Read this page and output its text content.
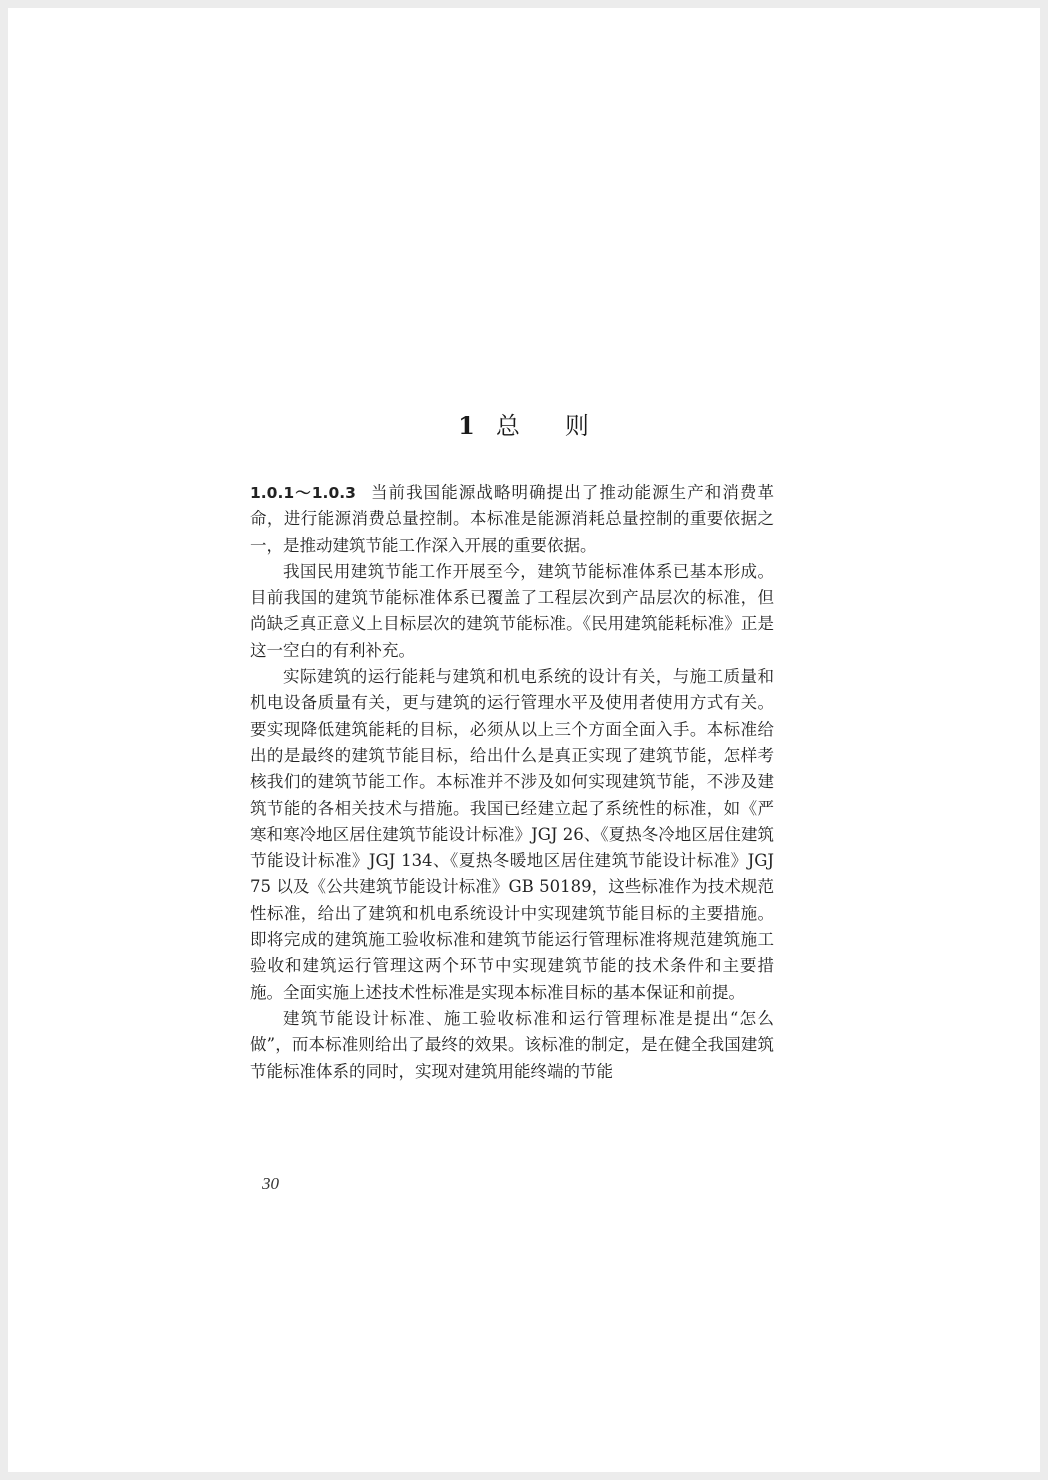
1 总 则

1.0.1～1.0.3 当前我国能源战略明确提出了推动能源生产和消费革命，进行能源消费总量控制。本标准是能源消耗总量控制的重要依据之一，是推动建筑节能工作深入开展的重要依据。

我国民用建筑节能工作开展至今，建筑节能标准体系已基本形成。目前我国的建筑节能标准体系已覆盖了工程层次到产品层次的标准，但尚缺乏真正意义上目标层次的建筑节能标准。《民用建筑能耗标准》正是这一空白的有利补充。

实际建筑的运行能耗与建筑和机电系统的设计有关，与施工质量和机电设备质量有关，更与建筑的运行管理水平及使用者使用方式有关。要实现降低建筑能耗的目标，必须从以上三个方面全面入手。本标准给出的是最终的建筑节能目标，给出什么是真正实现了建筑节能，怎样考核我们的建筑节能工作。本标准并不涉及如何实现建筑节能，不涉及建筑节能的各相关技术与措施。我国已经建立起了系统性的标准，如《严寒和寒冷地区居住建筑节能设计标准》JGJ 26、《夏热冬冷地区居住建筑节能设计标准》JGJ 134、《夏热冬暖地区居住建筑节能设计标准》JGJ 75 以及《公共建筑节能设计标准》GB 50189，这些标准作为技术规范性标准，给出了建筑和机电系统设计中实现建筑节能目标的主要措施。即将完成的建筑施工验收标准和建筑节能运行管理标准将规范建筑施工验收和建筑运行管理这两个环节中实现建筑节能的技术条件和主要措施。全面实施上述技术性标准是实现本标准目标的基本保证和前提。

建筑节能设计标准、施工验收标准和运行管理标准是提出“怎么做”，而本标准则给出了最终的效果。该标准的制定，是在健全我国建筑节能标准体系的同时，实现对建筑用能终端的节能

30
